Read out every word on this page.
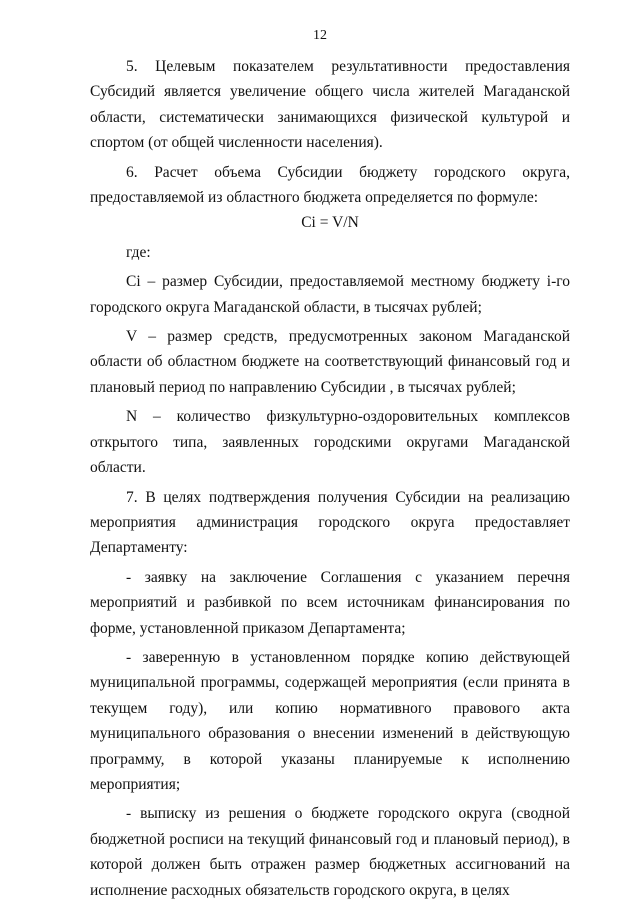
12

5. Целевым показателем результативности предоставления Субсидий является увеличение общего числа жителей Магаданской области, систематически занимающихся физической культурой и спортом (от общей численности населения).

6. Расчет объема Субсидии бюджету городского округа, предоставляемой из областного бюджета определяется по формуле:

Ci = V/N

где:

Ci – размер Субсидии, предоставляемой местному бюджету i-го городского округа Магаданской области, в тысячах рублей;

V – размер средств, предусмотренных законом Магаданской области об областном бюджете на соответствующий финансовый год и плановый период по направлению Субсидии , в тысячах рублей;

N – количество физкультурно-оздоровительных комплексов открытого типа, заявленных городскими округами Магаданской области.

7. В целях подтверждения получения Субсидии на реализацию мероприятия администрация городского округа предоставляет Департаменту:

- заявку на заключение Соглашения с указанием перечня мероприятий и разбивкой по всем источникам финансирования по форме, установленной приказом Департамента;

- заверенную в установленном порядке копию действующей муниципальной программы, содержащей мероприятия (если принята в текущем году), или копию нормативного правового акта муниципального образования о внесении изменений в действующую программу, в которой указаны планируемые к исполнению мероприятия;

- выписку из решения о бюджете городского округа (сводной бюджетной росписи на текущий финансовый год и плановый период), в которой должен быть отражен размер бюджетных ассигнований на исполнение расходных обязательств городского округа, в целях
